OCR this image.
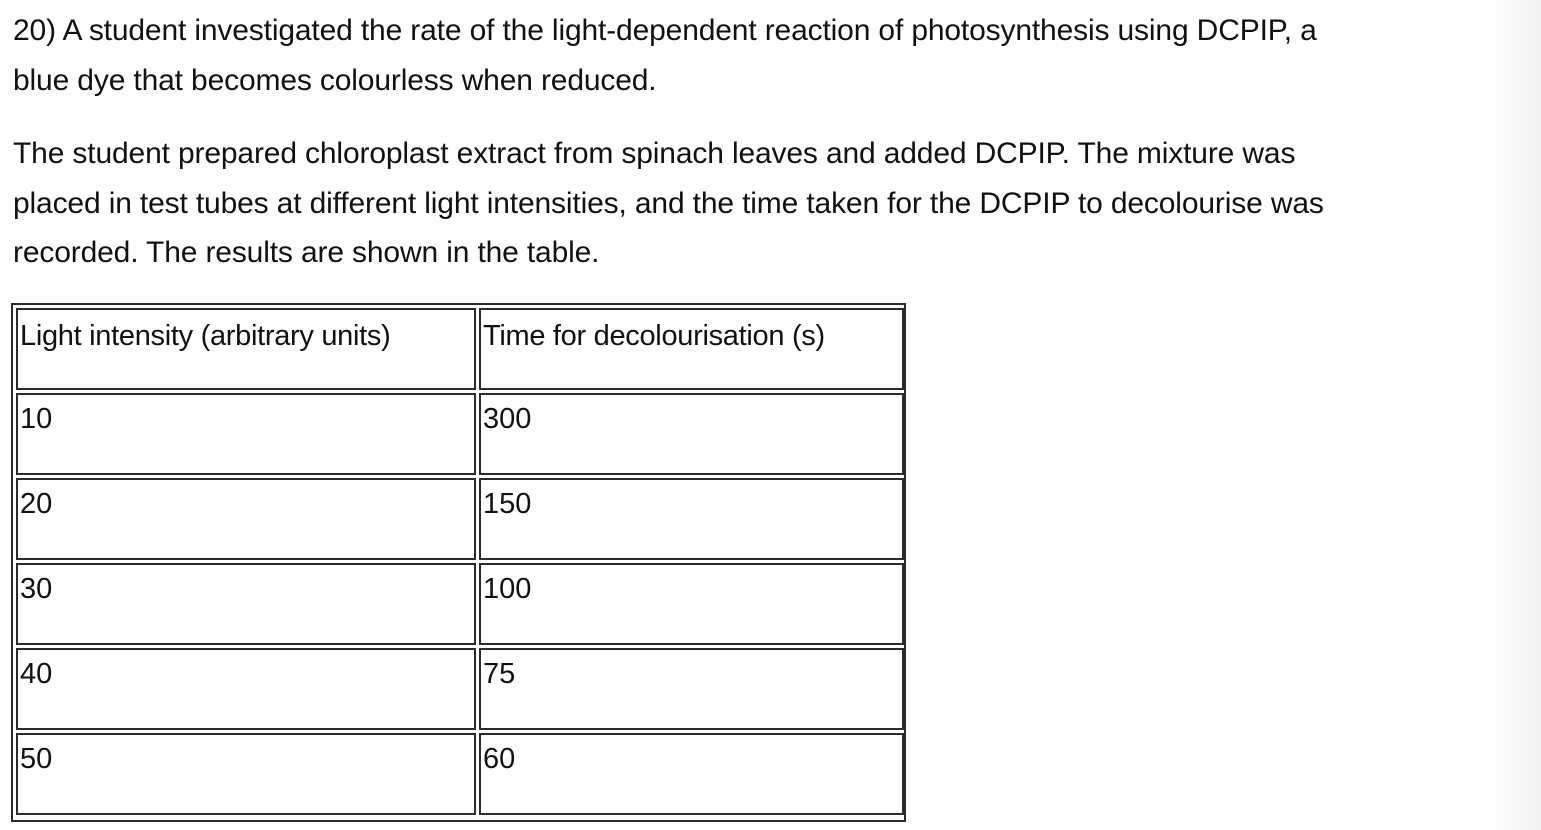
20) A student investigated the rate of the light-dependent reaction of photosynthesis using DCPIP, a
blue dye that becomes colourless when reduced.

The student prepared chloroplast extract from spinach leaves and added DCPIP. The mixture was
placed in test tubes at different light intensities, and the time taken for the DCPIP to decolourise was
recorded. The results are shown in the table.

Light intensity (arbitrary units)	Time for decolourisation (s)
10	300
20	150
30	100
40	75
50	60
